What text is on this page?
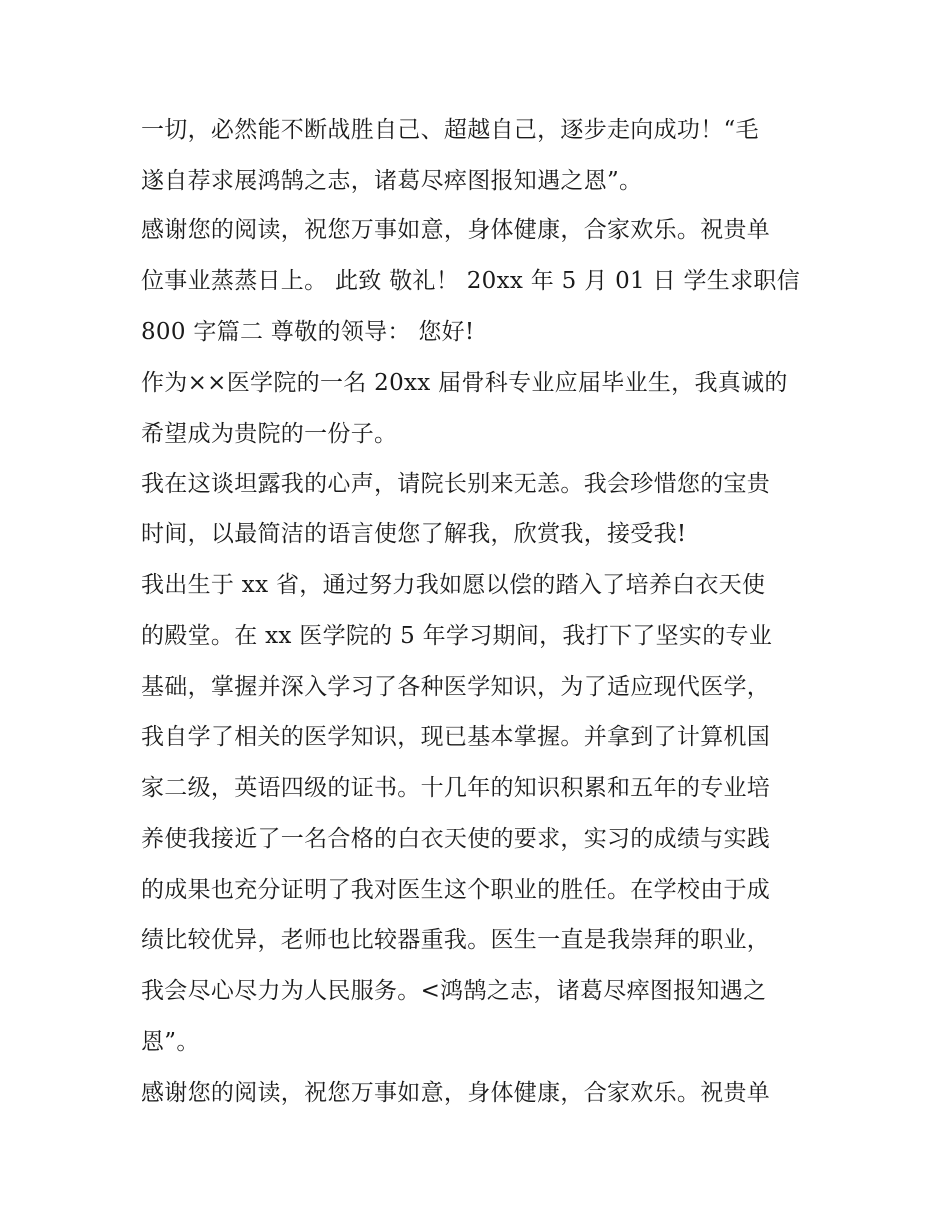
一切，必然能不断战胜自己、超越自己，逐步走向成功！“毛
遂自荐求展鸿鹄之志，诸葛尽瘁图报知遇之恩”。
感谢您的阅读，祝您万事如意，身体健康，合家欢乐。祝贵单
位事业蒸蒸日上。 此致 敬礼！ 20xx 年 5 月 01 日 学生求职信
800 字篇二 尊敬的领导： 您好!
作为××医学院的一名 20xx 届骨科专业应届毕业生，我真诚的
希望成为贵院的一份子。
我在这谈坦露我的心声，请院长别来无恙。我会珍惜您的宝贵
时间，以最简洁的语言使您了解我，欣赏我，接受我!
我出生于 xx 省，通过努力我如愿以偿的踏入了培养白衣天使
的殿堂。在 xx 医学院的 5 年学习期间，我打下了坚实的专业
基础，掌握并深入学习了各种医学知识，为了适应现代医学，
我自学了相关的医学知识，现已基本掌握。并拿到了计算机国
家二级，英语四级的证书。十几年的知识积累和五年的专业培
养使我接近了一名合格的白衣天使的要求，实习的成绩与实践
的成果也充分证明了我对医生这个职业的胜任。在学校由于成
绩比较优异，老师也比较器重我。医生一直是我崇拜的职业，
我会尽心尽力为人民服务。<鸿鹄之志，诸葛尽瘁图报知遇之
恩”。
感谢您的阅读，祝您万事如意，身体健康，合家欢乐。祝贵单
